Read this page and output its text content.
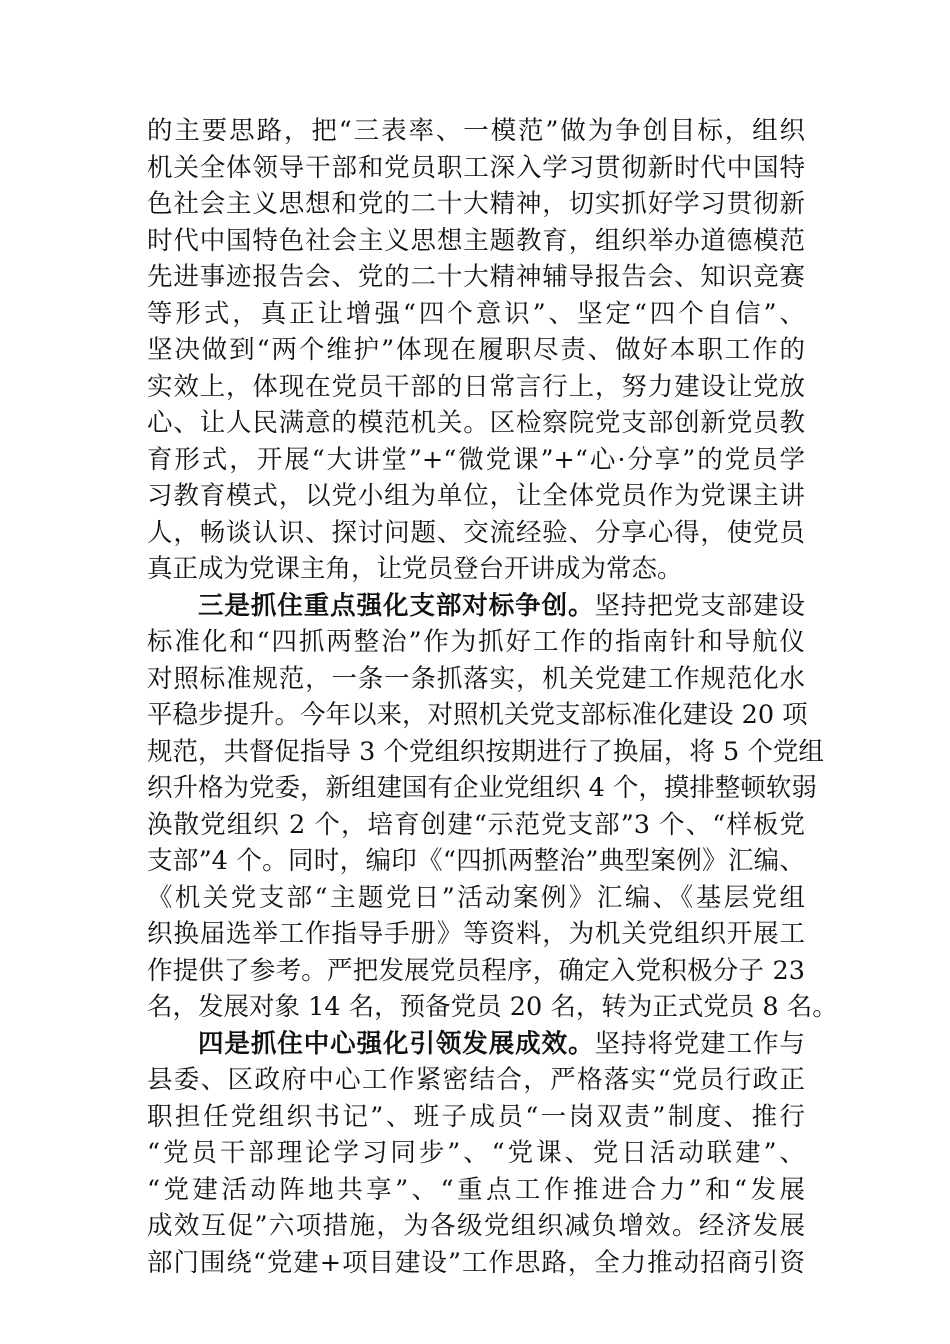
的主要思路，把“三表率、一模范”做为争创目标，组织
机关全体领导干部和党员职工深入学习贯彻新时代中国特
色社会主义思想和党的二十大精神，切实抓好学习贯彻新
时代中国特色社会主义思想主题教育，组织举办道德模范
先进事迹报告会、党的二十大精神辅导报告会、知识竞赛
等形式，真正让增强“四个意识”、坚定“四个自信”、
坚决做到“两个维护”体现在履职尽责、做好本职工作的
实效上，体现在党员干部的日常言行上，努力建设让党放
心、让人民满意的模范机关。区检察院党支部创新党员教
育形式，开展“大讲堂”+“微党课”+“心·分享”的党员学
习教育模式，以党小组为单位，让全体党员作为党课主讲
人，畅谈认识、探讨问题、交流经验、分享心得，使党员
真正成为党课主角，让党员登台开讲成为常态。
三是抓住重点强化支部对标争创。坚持把党支部建设
标准化和“四抓两整治”作为抓好工作的指南针和导航仪
对照标准规范，一条一条抓落实，机关党建工作规范化水
平稳步提升。今年以来，对照机关党支部标准化建设 20 项
规范，共督促指导 3 个党组织按期进行了换届，将 5 个党组
织升格为党委，新组建国有企业党组织 4 个，摸排整顿软弱
涣散党组织 2 个，培育创建“示范党支部”3 个、“样板党
支部”4 个。同时，编印《“四抓两整治”典型案例》汇编、
《机关党支部“主题党日”活动案例》汇编、《基层党组
织换届选举工作指导手册》等资料，为机关党组织开展工
作提供了参考。严把发展党员程序，确定入党积极分子 23
名，发展对象 14 名，预备党员 20 名，转为正式党员 8 名。
四是抓住中心强化引领发展成效。坚持将党建工作与
县委、区政府中心工作紧密结合，严格落实“党员行政正
职担任党组织书记”、班子成员“一岗双责”制度、推行
“党员干部理论学习同步”、“党课、党日活动联建”、
“党建活动阵地共享”、“重点工作推进合力”和“发展
成效互促”六项措施，为各级党组织减负增效。经济发展
部门围绕“党建+项目建设”工作思路，全力推动招商引资
